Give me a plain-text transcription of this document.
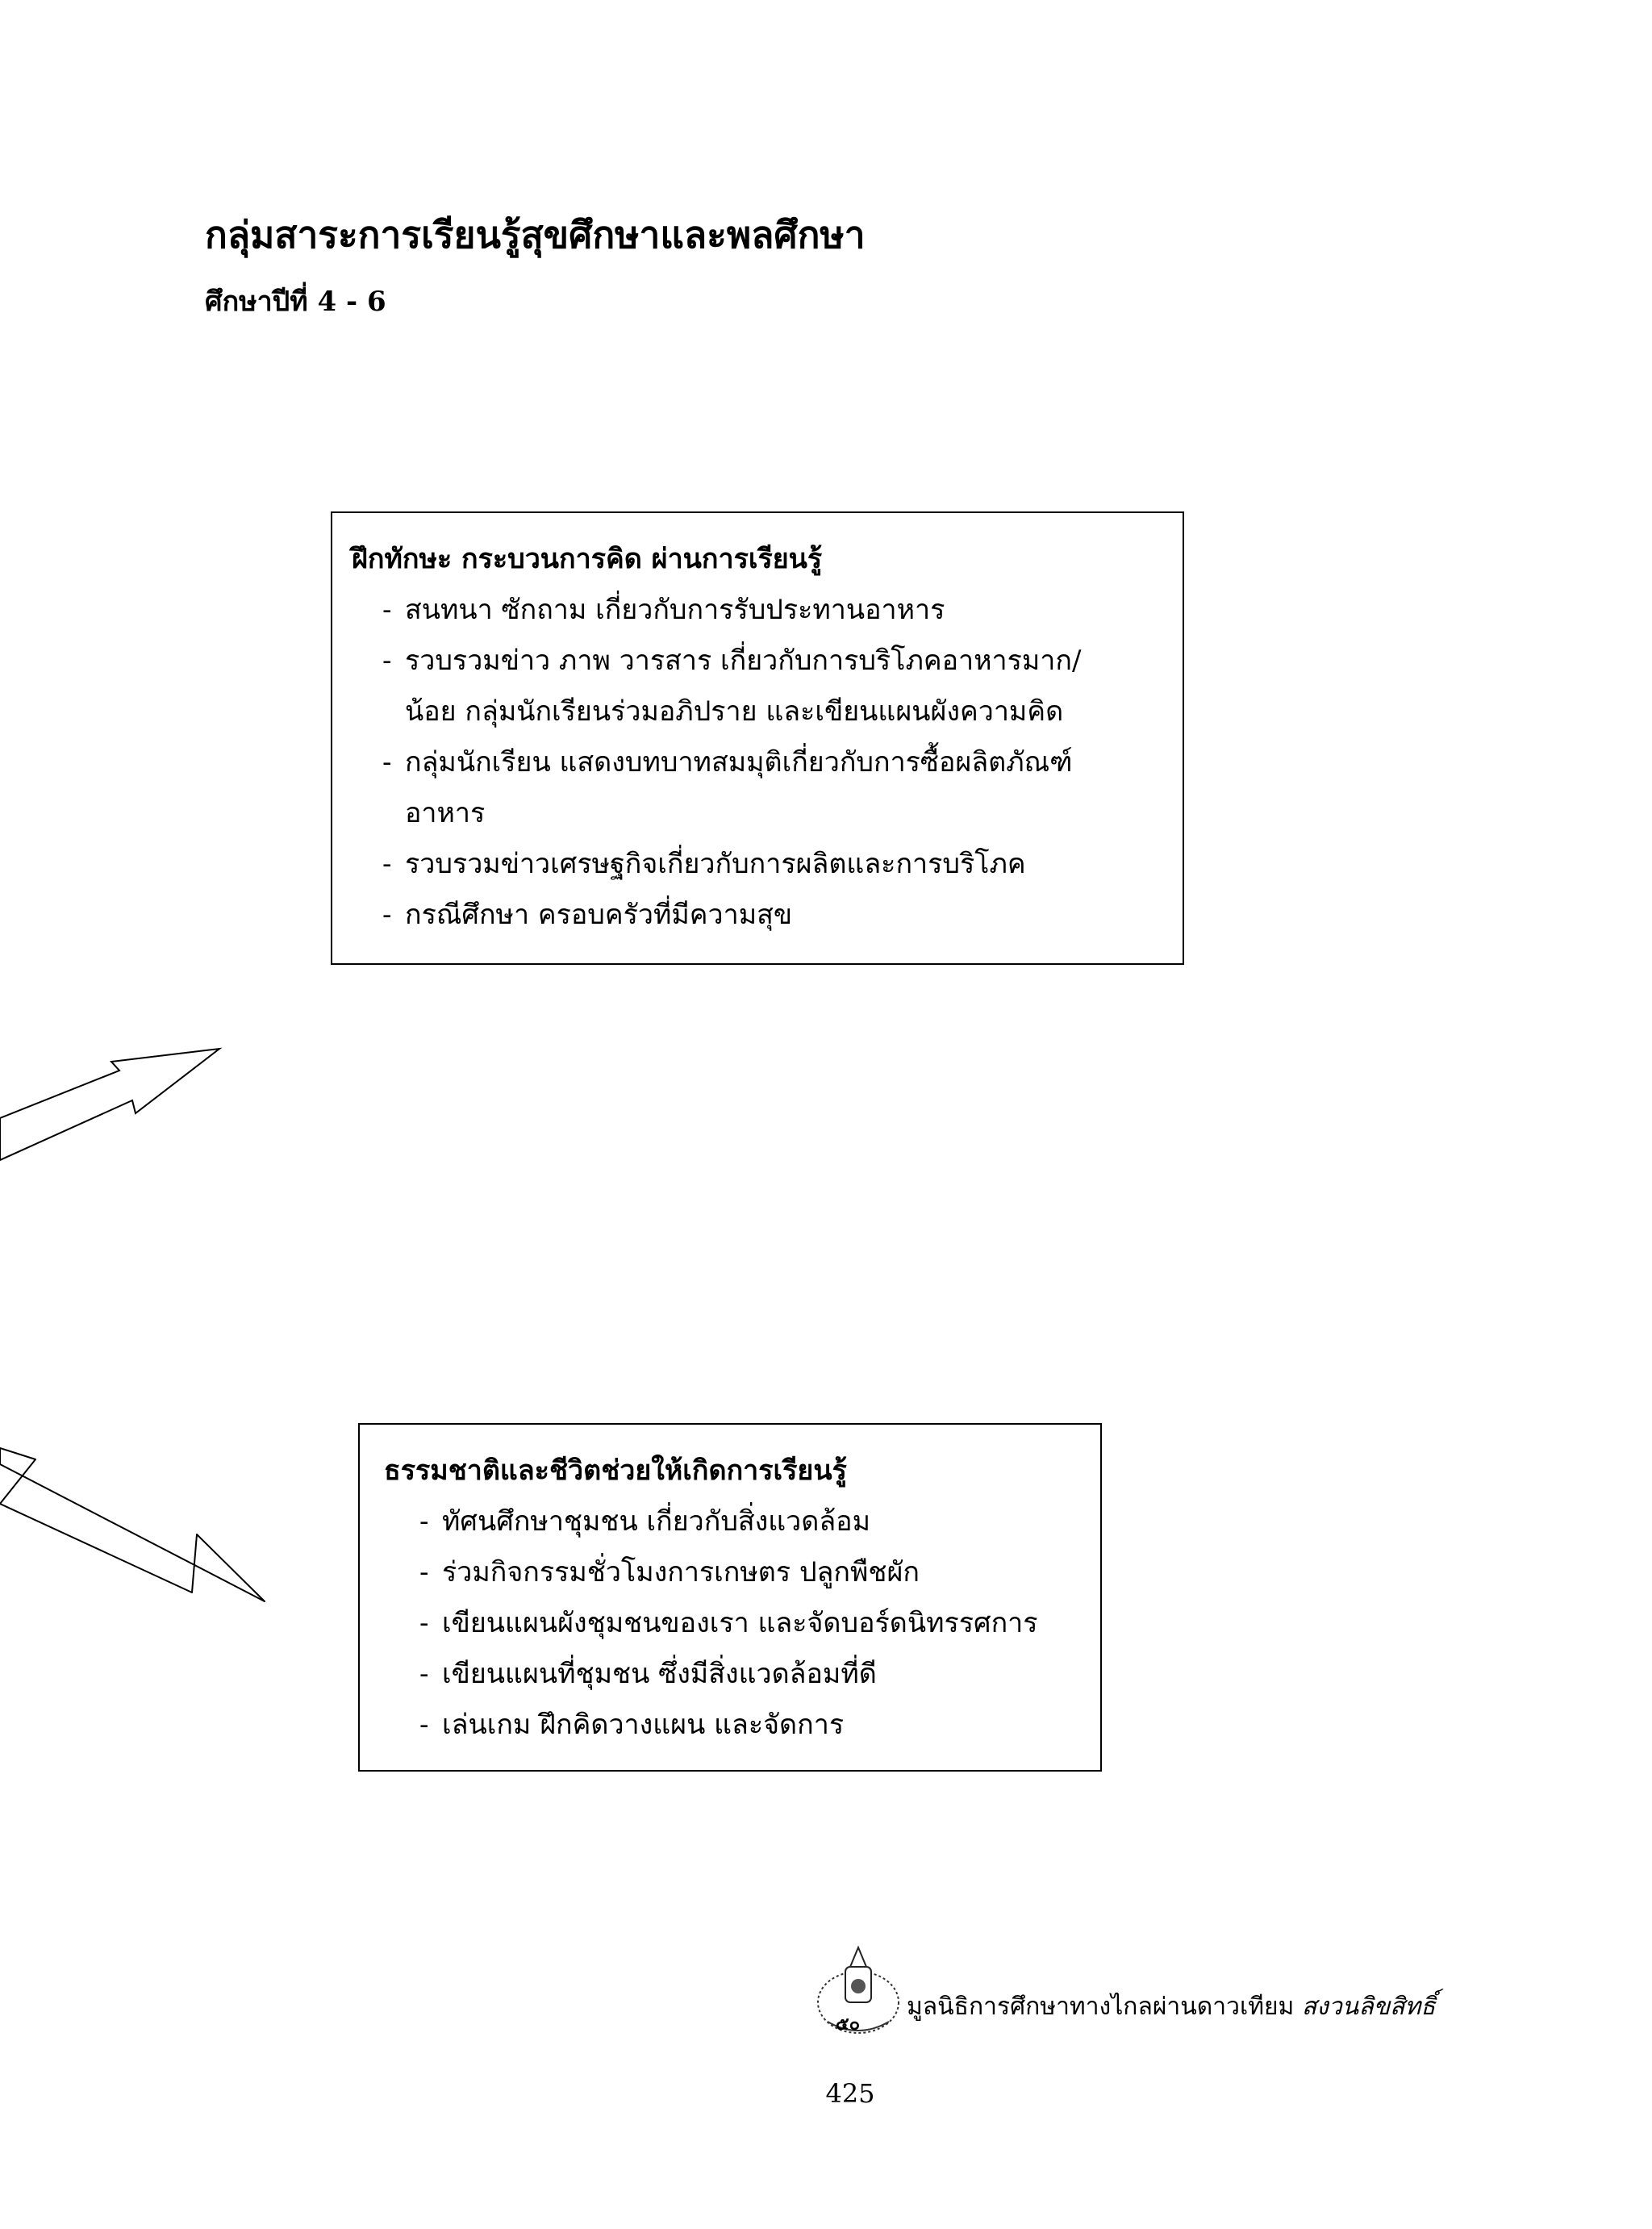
กลุ่มสาระการเรียนรู้สุขศึกษาและพลศึกษา
ศึกษาปีที่ 4 - 6
ฝึกทักษะ กระบวนการคิด ผ่านการเรียนรู้
- สนทนา ซักถาม เกี่ยวกับการรับประทานอาหาร
- รวบรวมข่าว ภาพ วารสาร เกี่ยวกับการบริโภคอาหารมาก/น้อย กลุ่มนักเรียนร่วมอภิปราย และเขียนแผนผังความคิด
- กลุ่มนักเรียน แสดงบทบาทสมมุติเกี่ยวกับการซื้อผลิตภัณฑ์อาหาร
- รวบรวมข่าวเศรษฐกิจเกี่ยวกับการผลิตและการบริโภค
- กรณีศึกษา ครอบครัวที่มีความสุข
ธรรมชาติและชีวิตช่วยให้เกิดการเรียนรู้
- ทัศนศึกษาชุมชน เกี่ยวกับสิ่งแวดล้อม
- ร่วมกิจกรรมชั่วโมงการเกษตร ปลูกพืชผัก
- เขียนแผนผังชุมชนของเรา และจัดบอร์ดนิทรรศการ
- เขียนแผนที่ชุมชน ซึ่งมีสิ่งแวดล้อมที่ดี
- เล่นเกม ฝึกคิดวางแผน และจัดการ
๕๐
มูลนิธิการศึกษาทางไกลผ่านดาวเทียม สงวนลิขสิทธิ์
425
